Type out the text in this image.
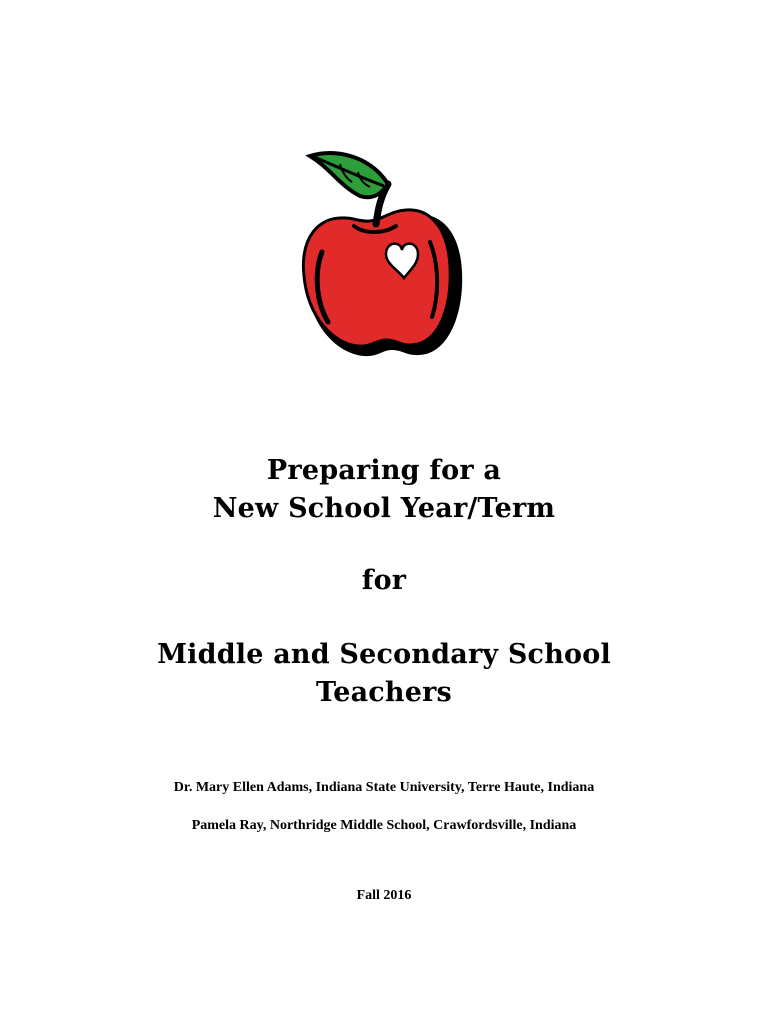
Preparing for a
New School Year/Term
for
Middle and Secondary School
Teachers
Dr. Mary Ellen Adams, Indiana State University, Terre Haute, Indiana
Pamela Ray, Northridge Middle School, Crawfordsville, Indiana
Fall 2016
